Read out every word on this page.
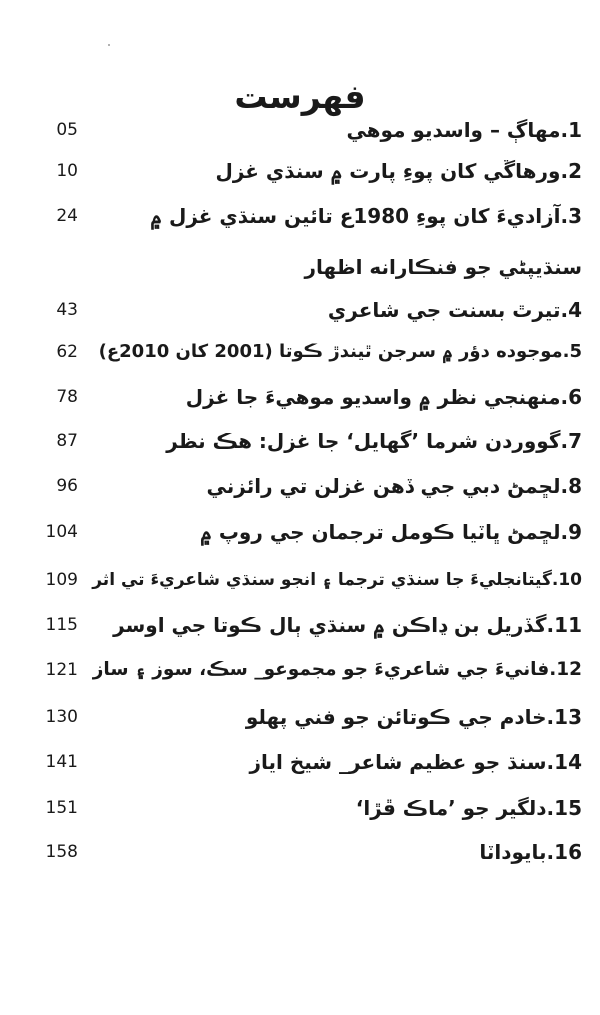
فهرست
1.مهاڳ – واسديو موهي
05
2.ورهاڱي کان پوءِ پارت ۾ سنڌي غزل
10
3.آزاديءَ کان پوءِ 1980ع تائين سنڌي غزل ۾
24
سنڌيپڻي جو فنڪارانه اظهار
4.تيرٿ بسنت جي شاعري
43
5.موجوده دؤر ۾ سرجن ٿيندڙ ڪوتا (2001 کان 2010ع)
62
6.منهنجي نظر ۾ واسديو موهيءَ جا غزل
78
7.گووردن شرما ’گهايل‘ جا غزل: هڪ نظر
87
8.لڇمڻ دبي جي ڏهن غزلن تي رائزني
96
9.لڇمڻ ڀاٽيا ڪومل ترجمان جي روپ ۾
104
10.گيتانجليءَ جا سنڌي ترجما ۽ انجو سنڌي شاعريءَ تي اثر
109
11.گڏريل بن ڍاڪن ۾ سنڌي ٻال ڪوتا جي اوسر
115
12.فانيءَ جي شاعريءَ جو مجموعو_ سڪ، سوز ۽ ساز
121
13.خادم جي ڪوتائن جو فني پهلو
130
14.سنڌ جو عظيم شاعر_ شيخ اياز
141
15.دلگير جو ’ماڪ ڦڙا‘
151
16.بايوداٽا
158
